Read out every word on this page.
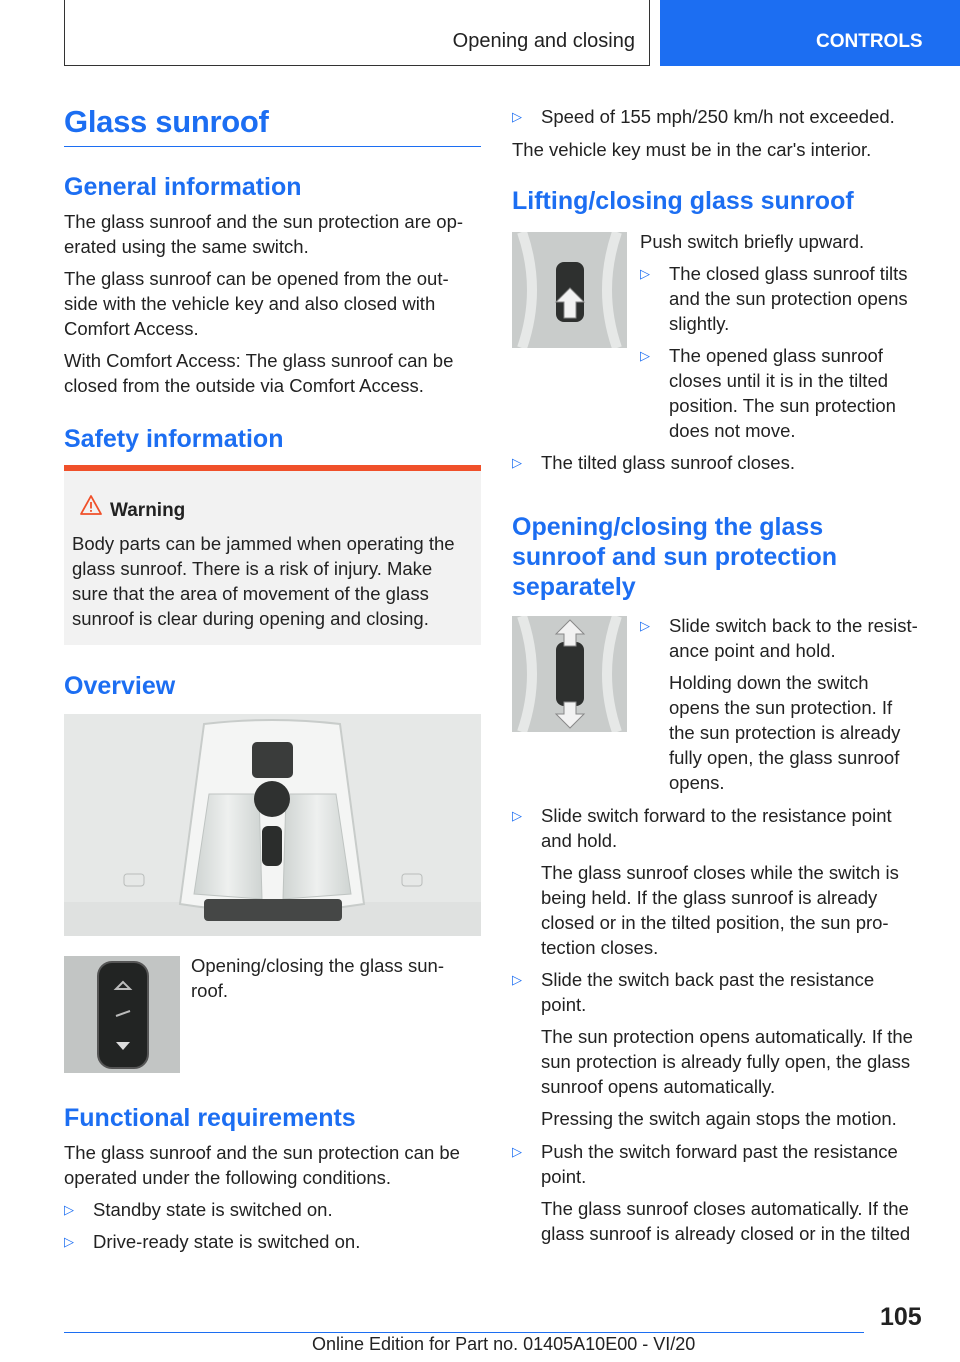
Opening and closing	CONTROLS
Glass sunroof
General information
The glass sunroof and the sun protection are op-
erated using the same switch.
The glass sunroof can be opened from the out-
side with the vehicle key and also closed with
Comfort Access.
With Comfort Access: The glass sunroof can be
closed from the outside via Comfort Access.
Safety information
Warning
Body parts can be jammed when operating the
glass sunroof. There is a risk of injury. Make
sure that the area of movement of the glass
sunroof is clear during opening and closing.
Overview
Opening/closing the glass sun-
roof.
Functional requirements
The glass sunroof and the sun protection can be
operated under the following conditions.
▷ Standby state is switched on.
▷ Drive-ready state is switched on.
▷ Speed of 155 mph/250 km/h not exceeded.
The vehicle key must be in the car's interior.
Lifting/closing glass sunroof
Push switch briefly upward.
▷ The closed glass sunroof tilts
and the sun protection opens
slightly.
▷ The opened glass sunroof
closes until it is in the tilted
position. The sun protection
does not move.
▷ The tilted glass sunroof closes.
Opening/closing the glass
sunroof and sun protection
separately
▷ Slide switch back to the resist-
ance point and hold.
Holding down the switch
opens the sun protection. If
the sun protection is already
fully open, the glass sunroof
opens.
▷ Slide switch forward to the resistance point
and hold.
The glass sunroof closes while the switch is
being held. If the glass sunroof is already
closed or in the tilted position, the sun pro-
tection closes.
▷ Slide the switch back past the resistance
point.
The sun protection opens automatically. If the
sun protection is already fully open, the glass
sunroof opens automatically.
Pressing the switch again stops the motion.
▷ Push the switch forward past the resistance
point.
The glass sunroof closes automatically. If the
glass sunroof is already closed or in the tilted
105
Online Edition for Part no. 01405A10E00 - VI/20
